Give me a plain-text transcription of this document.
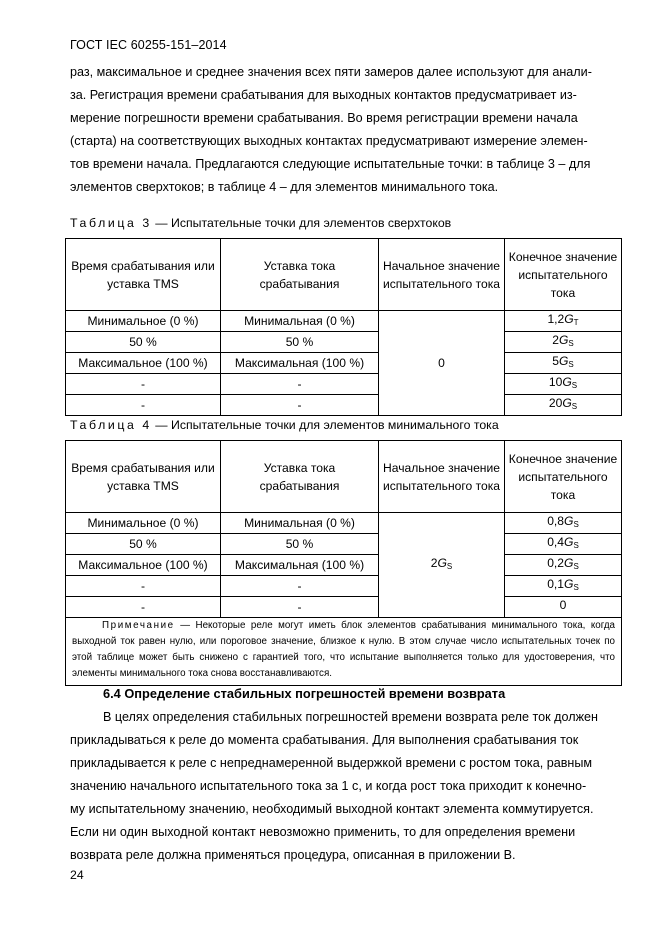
ГОСТ IEC 60255-151–2014

раз, максимальное и среднее значения всех пяти замеров далее используют для анали-

за. Регистрация времени срабатывания для выходных контактов предусматривает из-

мерение погрешности времени срабатывания. Во время регистрации времени начала

(старта) на соответствующих выходных контактах предусматривают измерение элемен-

тов времени начала. Предлагаются следующие испытательные точки: в таблице 3 – для

элементов сверхтоков; в таблице 4 – для элементов минимального тока.

Таблица 3 — Испытательные точки для элементов сверхтоков
Время срабатывания или уставка TMS	Уставка тока срабатывания	Начальное значение испытательного тока	Конечное значение испытательного тока
Минимальное (0 %)	Минимальная (0 %)	0	$1,2G_T$
50 %	50 %		$2G_S$
Максимальное (100 %)	Максимальная (100 %)		$5G_S$
-	-		$10G_S$
-	-		$20G_S$
Таблица 4 — Испытательные точки для элементов минимального тока
Время срабатывания или уставка TMS	Уставка тока срабатывания	Начальное значение испытательного тока	Конечное значение испытательного тока
Минимальное (0 %)	Минимальная (0 %)	$2G_S$	$0,8G_S$
50 %	50 %		$0,4G_S$
Максимальное (100 %)	Максимальная (100 %)		$0,2G_S$
-	-		$0,1G_S$
-	-		0
Примечание — Некоторые реле могут иметь блок элементов срабатывания минимального тока, когда выходной ток равен нулю, или пороговое значение, близкое к нулю. В этом случае число испытательных точек по этой таблице может быть снижено с гарантией того, что испытание выполняется только для удостоверения, что элементы минимального тока снова восстанавливаются.			
6.4 Определение стабильных погрешностей времени возврата

В целях определения стабильных погрешностей времени возврата реле ток должен

прикладываться к реле до момента срабатывания. Для выполнения срабатывания ток

прикладывается к реле с непреднамеренной выдержкой времени с ростом тока, равным

значению начального испытательного тока за 1 с, и когда рост тока приходит к конечно-

му испытательному значению, необходимый выходной контакт элемента коммутируется.

Если ни один выходной контакт невозможно применить, то для определения времени

возврата реле должна применяться процедура, описанная в приложении B.

24
